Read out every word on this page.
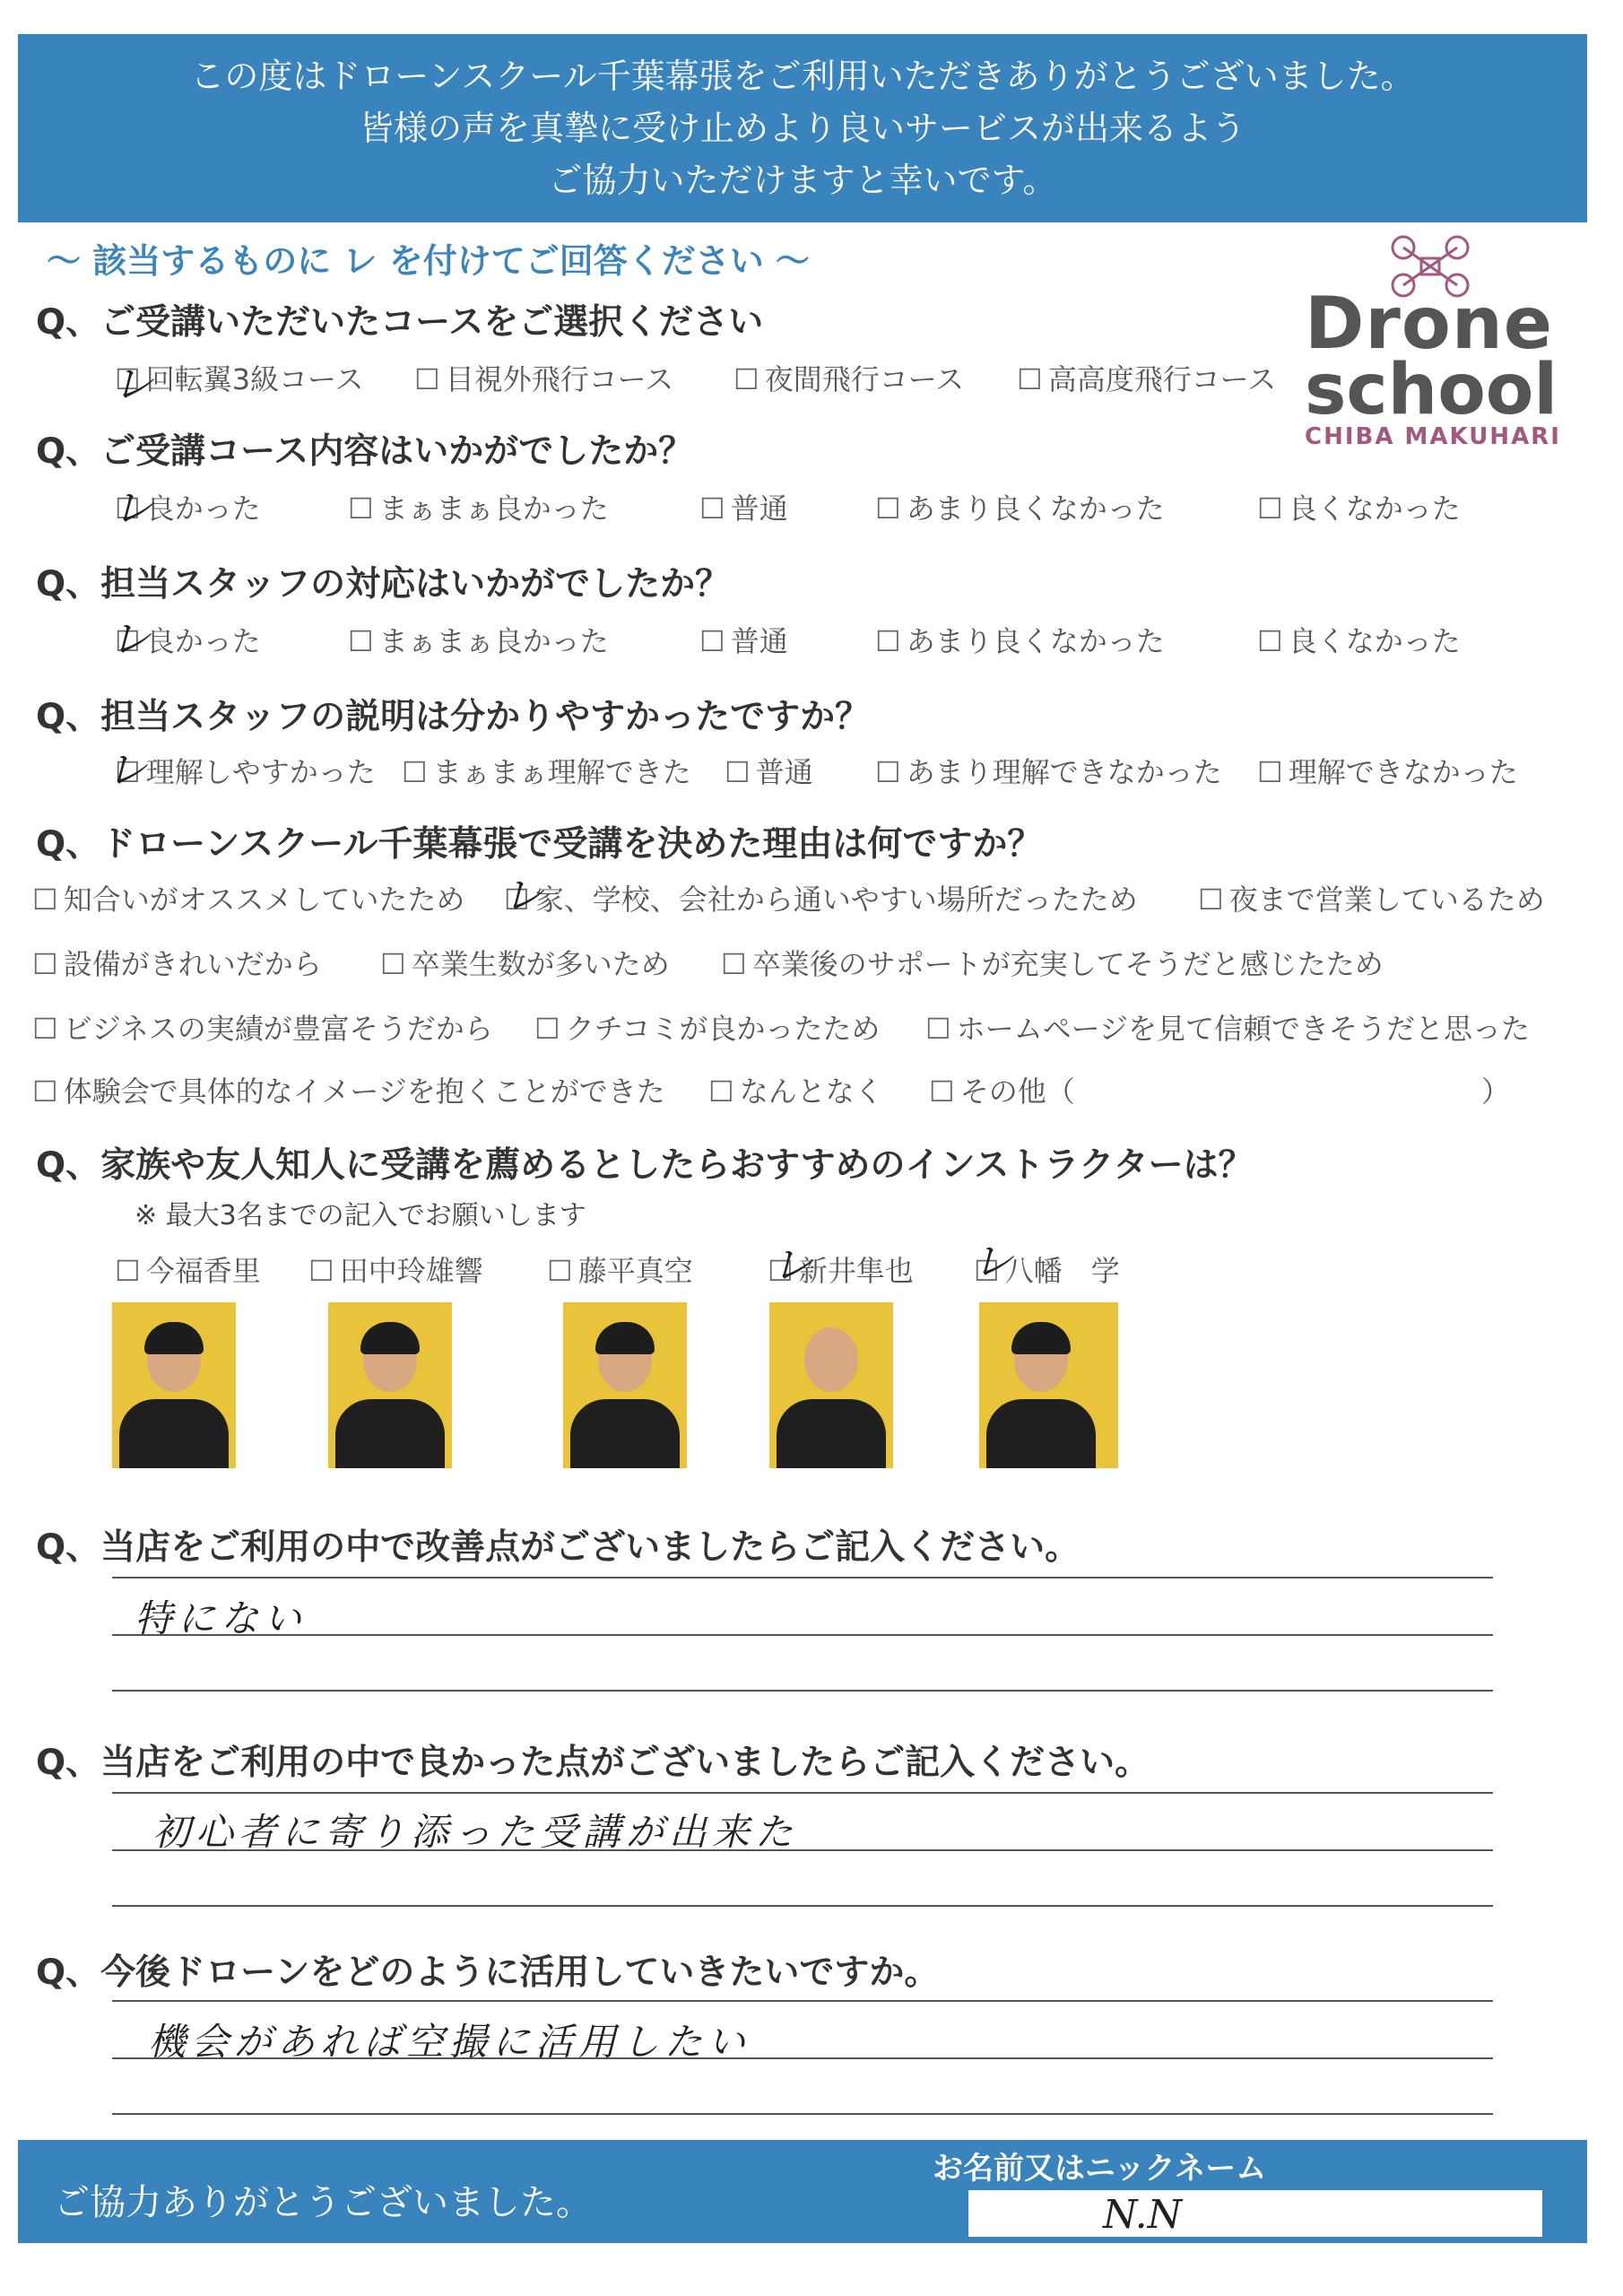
この度はドローンスクール千葉幕張をご利用いただきありがとうございました。
皆様の声を真摯に受け止めより良いサービスが出来るよう
ご協力いただけますと幸いです。
～ 該当するものに レ を付けてご回答ください ～
Drone
school
CHIBA MAKUHARI
Q、ご受講いただいたコースをご選択ください
☐ 回転翼3級コース	☐ 目視外飛行コース	☐ 夜間飛行コース	☐ 高高度飛行コース
レ
Q、ご受講コース内容はいかがでしたか？
☐ 良かった	☐ まぁまぁ良かった	☐ 普通	☐ あまり良くなかった	☐ 良くなかった
レ
Q、担当スタッフの対応はいかがでしたか？
☐ 良かった	☐ まぁまぁ良かった	☐ 普通	☐ あまり良くなかった	☐ 良くなかった
レ
Q、担当スタッフの説明は分かりやすかったですか？
☐ 理解しやすかった	☐ まぁまぁ理解できた	☐ 普通	☐ あまり理解できなかった	☐ 理解できなかった
レ
Q、ドローンスクール千葉幕張で受講を決めた理由は何ですか？
☐ 知合いがオススメしていたため	☐ 家、学校、会社から通いやすい場所だったため	☐ 夜まで営業しているため
レ
☐ 設備がきれいだから	☐ 卒業生数が多いため	☐ 卒業後のサポートが充実してそうだと感じたため
☐ ビジネスの実績が豊富そうだから	☐ クチコミが良かったため	☐ ホームページを見て信頼できそうだと思った
☐ 体験会で具体的なイメージを抱くことができた	☐ なんとなく	☐ その他（	）
Q、家族や友人知人に受講を薦めるとしたらおすすめのインストラクターは？
※ 最大3名までの記入でお願いします
☐ 今福香里	☐ 田中玲雄響	☐ 藤平真空	☐ 新井隼也	☐ 八幡　学
レ	レ
Q、当店をご利用の中で改善点がございましたらご記入ください。
特にない
Q、当店をご利用の中で良かった点がございましたらご記入ください。
初心者に寄り添った受講が出来た
Q、今後ドローンをどのように活用していきたいですか。
機会があれば空撮に活用したい
ご協力ありがとうございました。
お名前又はニックネーム
N.N
